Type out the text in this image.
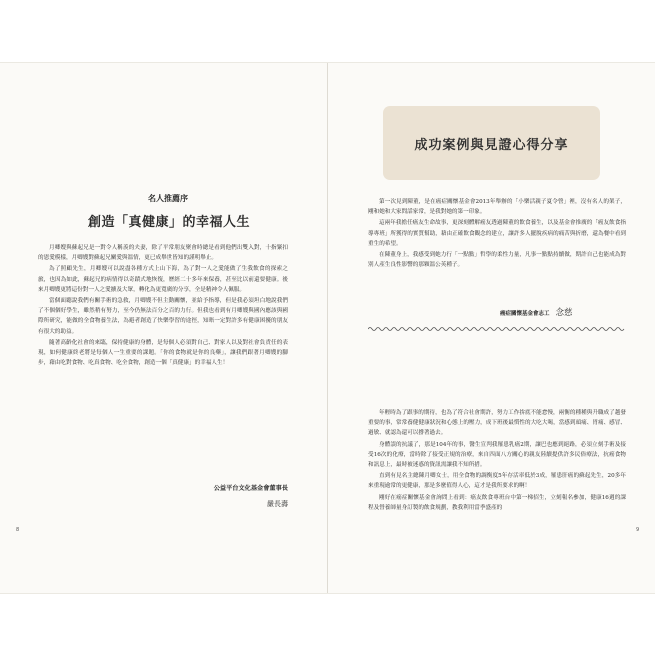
名人推薦序
創造「真健康」的幸福人生

月卿嫂與蘇起兄是一對令人稱羨的夫妻，除了平常朋友聚會時總是看到他們出雙入對，十指緊扣的恩愛模樣，月卿嫂對蘇起兄關愛與溫情，更已成舉世皆知的謹明舉止。

為了照顧先生，月卿嫂可以說盡各種方式上山下海，為了對一人之愛能做了生我飲食的探索之旅，也因為如此，蘇起兄的病情得以奇蹟式地恢復，歷經二十多年來保養，甚至比以前還要健康。後來月卿嫂更將這份對一人之愛擴及大眾，轉化為更寬廣的分享，全是精神令人佩服。

當個面聽說我們有關手術的急救，月卿嫂不但主動關懷，並給予指導，但是我必須坦白地說我們了不個個好學生，雖然稍有努力，至今仍無法百分之百的力行。但我也看到有月卿嫂與國內應該與國際所研究，能做的全食物養生法，為避者創造了快樂學習的途徑，知晤一定對許多有健康困擾的朋友有很大的助益。

隨著高齡化社會的來臨，保持健康的身體，是每個人必須對自己、對家人以及對社會負責任的表現，如何健康終老將是每個人一生重要的課題。「你的食物就是你的良藥」，讓我們跟著月卿嫂的腳步，藉由吃對食物、吃真食物、吃全食物，創造一個「真健康」的幸福人生！

公益平台文化基金會董事長
嚴長壽
8
成功案例與見證心得分享

第一次見到陳董，是在癌症關懷基金會2013年舉辦的「小樂活親子夏令營」裡，沒有名人的架子，剛和她和大家問話家常，是我對她的第一印象。

這兩年我擔任癌友生命故事，更深刻體解癌友透過陳董的飲食養生，以及基金會推廣的「癌友飲食指導專班」所獲得的實質幫助，藉由正確飲食觀念的建立，讓許多人擺脫疾病的痛苦與折磨，還為餐中看到重生的希望。

在陳董身上，我感受到她力行「一點點」哲學的柔性力量，凡事一點點持續做，期許自己也能成為對別人產生良性影響的那顆溫公英種子。

年輕時為了跟事的期待，也為了符合社會期許，努力工作拚底不能怠慢，兩衡的種種與升職成了越發重要的事，常常養健健康狀況和心態上的壓力，成下班後最慣性的大吃大喝，當感到頭痛、胃痛、感冒、過敏、就認為還可以撐著過去。

身體誤的抗議了，那是104年的事，醫生宣判我罹患乳癌2期，讓巴也應到絕路，必須立刻手術及接受16次的化療，當時除了接受正規的治療，來自四面八方關心的親友陸續提供許多民俗療法，抗癌食物和訊息上，最時被迷惑的資訊需讓我不知所措。

直到有見名主總陳月卿女士，用全食物的調衡度5年存活率低於3成，罹患肝癌的蘇起先生，20多年來重現逾常的更健康，那是多麼值得人心，這才是我所要求的啊！

剛好在癌症關懷基金會詢問上看到：癌友飲食專班台中第一梯招生，立刻報名參加，健康16週的課程及營養師量身訂製的飲食規劃，教我利用當季盛產的

癌症關懷基金會志工 念慈
9
